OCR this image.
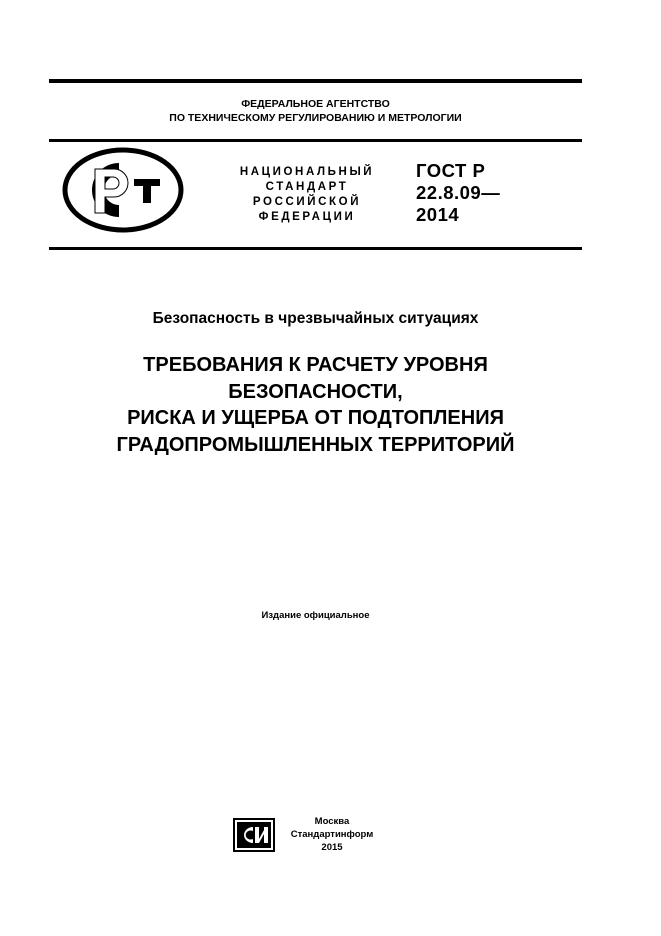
ФЕДЕРАЛЬНОЕ АГЕНТСТВО
ПО ТЕХНИЧЕСКОМУ РЕГУЛИРОВАНИЮ И МЕТРОЛОГИИ
НАЦИОНАЛЬНЫЙ
СТАНДАРТ
РОССИЙСКОЙ
ФЕДЕРАЦИИ
ГОСТ Р
22.8.09—
2014
Безопасность в чрезвычайных ситуациях
ТРЕБОВАНИЯ К РАСЧЕТУ УРОВНЯ
БЕЗОПАСНОСТИ,
РИСКА И УЩЕРБА ОТ ПОДТОПЛЕНИЯ
ГРАДОПРОМЫШЛЕННЫХ ТЕРРИТОРИЙ
Издание официальное
Москва
Стандартинформ
2015
